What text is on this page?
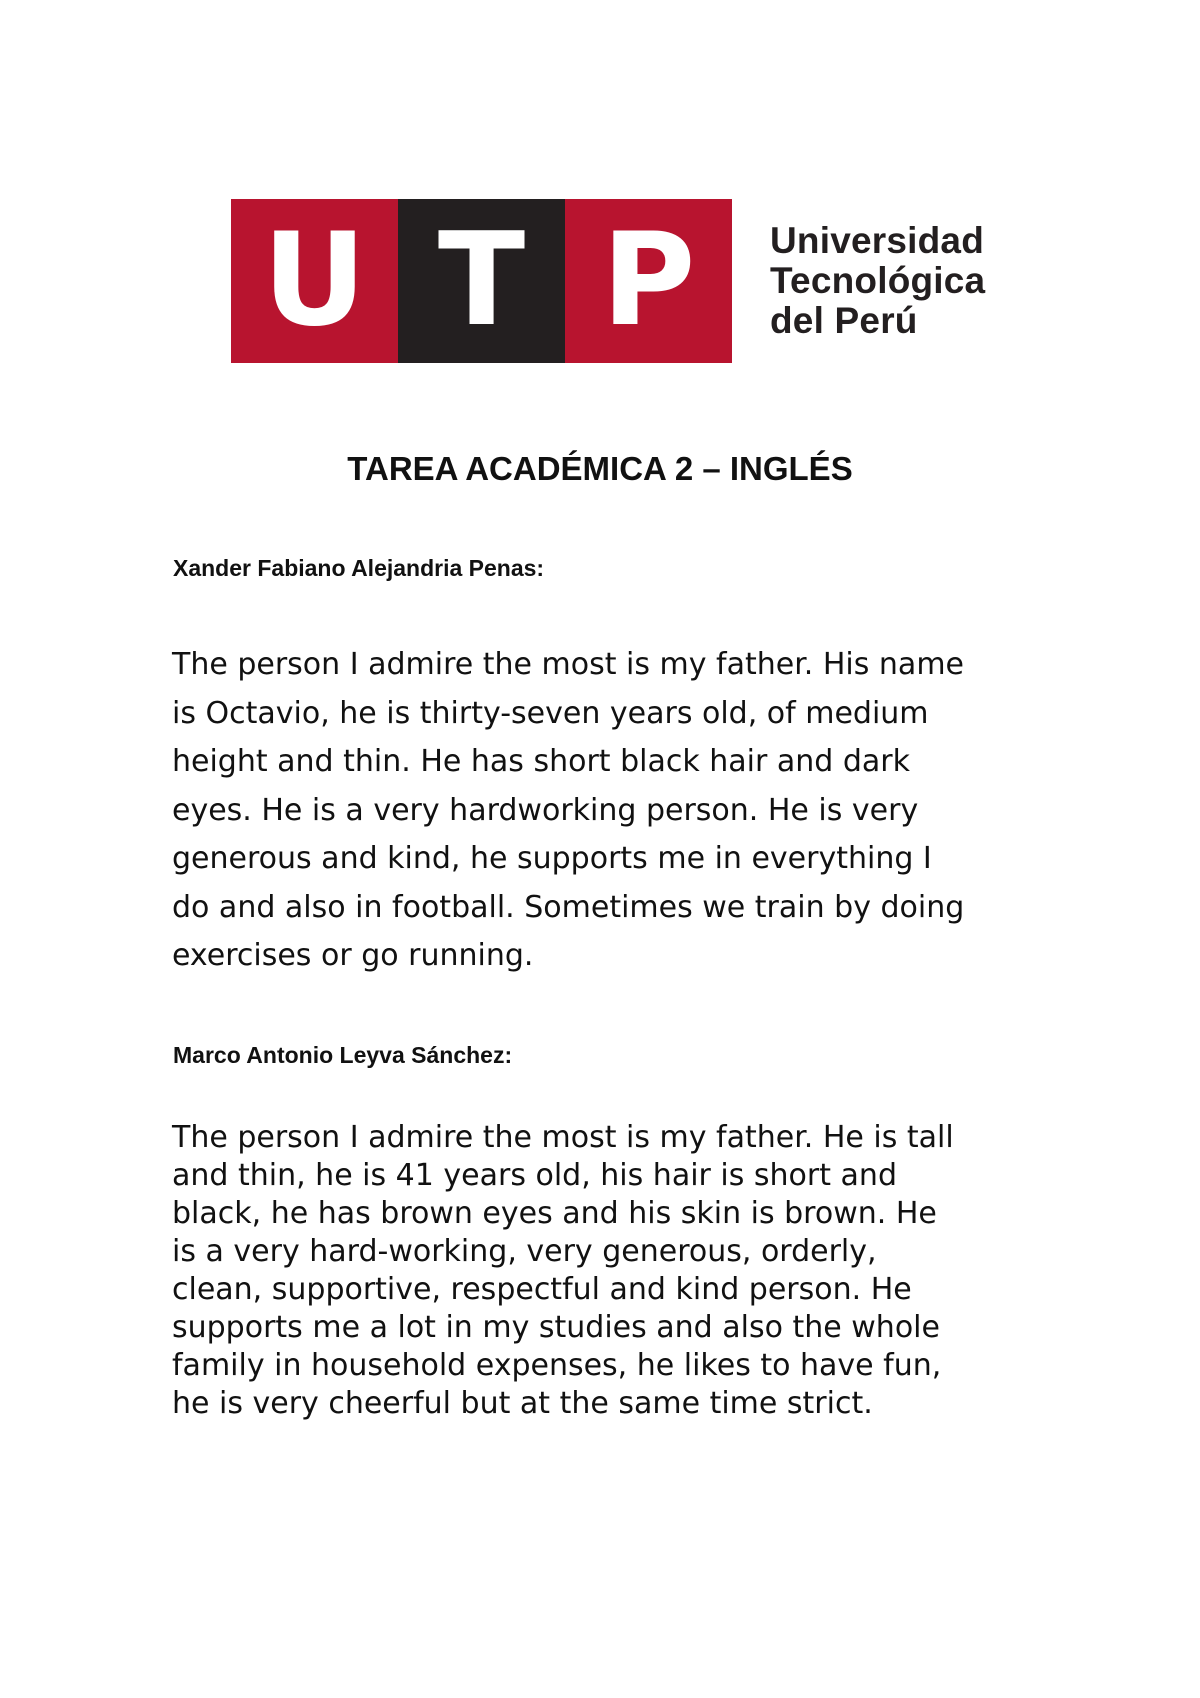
U T P Universidad
Tecnológica
del Perú
TAREA ACADÉMICA 2 – INGLÉS
Xander Fabiano Alejandria Penas:

The person I admire the most is my father. His name
is Octavio, he is thirty-seven years old, of medium
height and thin. He has short black hair and dark
eyes. He is a very hardworking person. He is very
generous and kind, he supports me in everything I
do and also in football. Sometimes we train by doing
exercises or go running.

Marco Antonio Leyva Sánchez:

The person I admire the most is my father. He is tall
and thin, he is 41 years old, his hair is short and
black, he has brown eyes and his skin is brown. He
is a very hard-working, very generous, orderly,
clean, supportive, respectful and kind person. He
supports me a lot in my studies and also the whole
family in household expenses, he likes to have fun,
he is very cheerful but at the same time strict.
